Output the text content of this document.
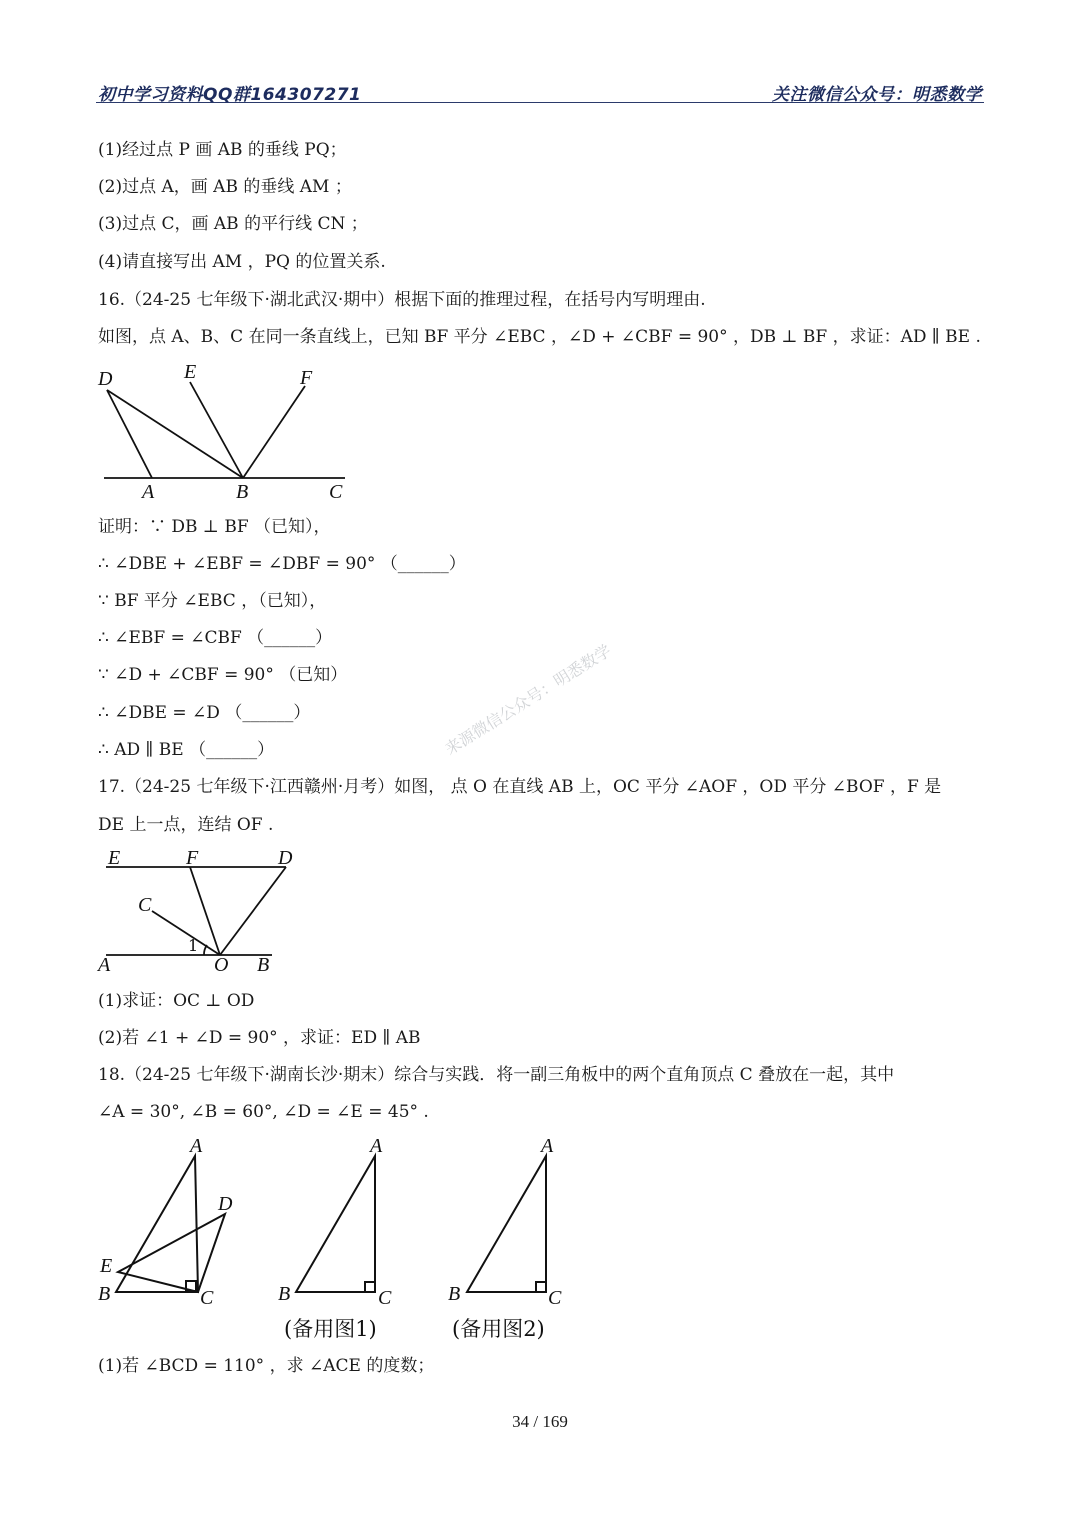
初中学习资料QQ群164307271	关注微信公众号：明悉数学
(1)经过点 P 画 AB 的垂线 PQ；
(2)过点 A，画 AB 的垂线 AM ；
(3)过点 C，画 AB 的平行线 CN ；
(4)请直接写出 AM ，PQ 的位置关系.
16.（24-25 七年级下·湖北武汉·期中）根据下面的推理过程，在括号内写明理由.
如图，点 A、B、C 在同一条直线上，已知 BF 平分 ∠EBC ，∠D + ∠CBF = 90° ，DB ⊥ BF ，求证：AD ∥ BE .
D	E	F
A	B	C
证明：∵ DB ⊥ BF （已知），
∴ ∠DBE + ∠EBF = ∠DBF = 90° （______）
∵ BF 平分 ∠EBC ，（已知），
∴ ∠EBF = ∠CBF （______）
∵ ∠D + ∠CBF = 90° （已知）
∴ ∠DBE = ∠D （______）
∴ AD ∥ BE （______）
17.（24-25 七年级下·江西赣州·月考）如图， 点 O 在直线 AB 上，OC 平分 ∠AOF ，OD 平分 ∠BOF ，F 是
DE 上一点，连结 OF .
E	F	D
C
1
A	O B
(1)求证：OC ⊥ OD
(2)若 ∠1 + ∠D = 90° ，求证：ED ∥ AB
18.（24-25 七年级下·湖南长沙·期末）综合与实践．将一副三角板中的两个直角顶点 C 叠放在一起，其中
∠A = 30°, ∠B = 60°, ∠D = ∠E = 45° .
A
D
E
B	C
A
B	C
(备用图1)
A
B	C
(备用图2)
(1)若 ∠BCD = 110° ，求 ∠ACE 的度数；
来源微信公众号：明悉数学
34 / 169
